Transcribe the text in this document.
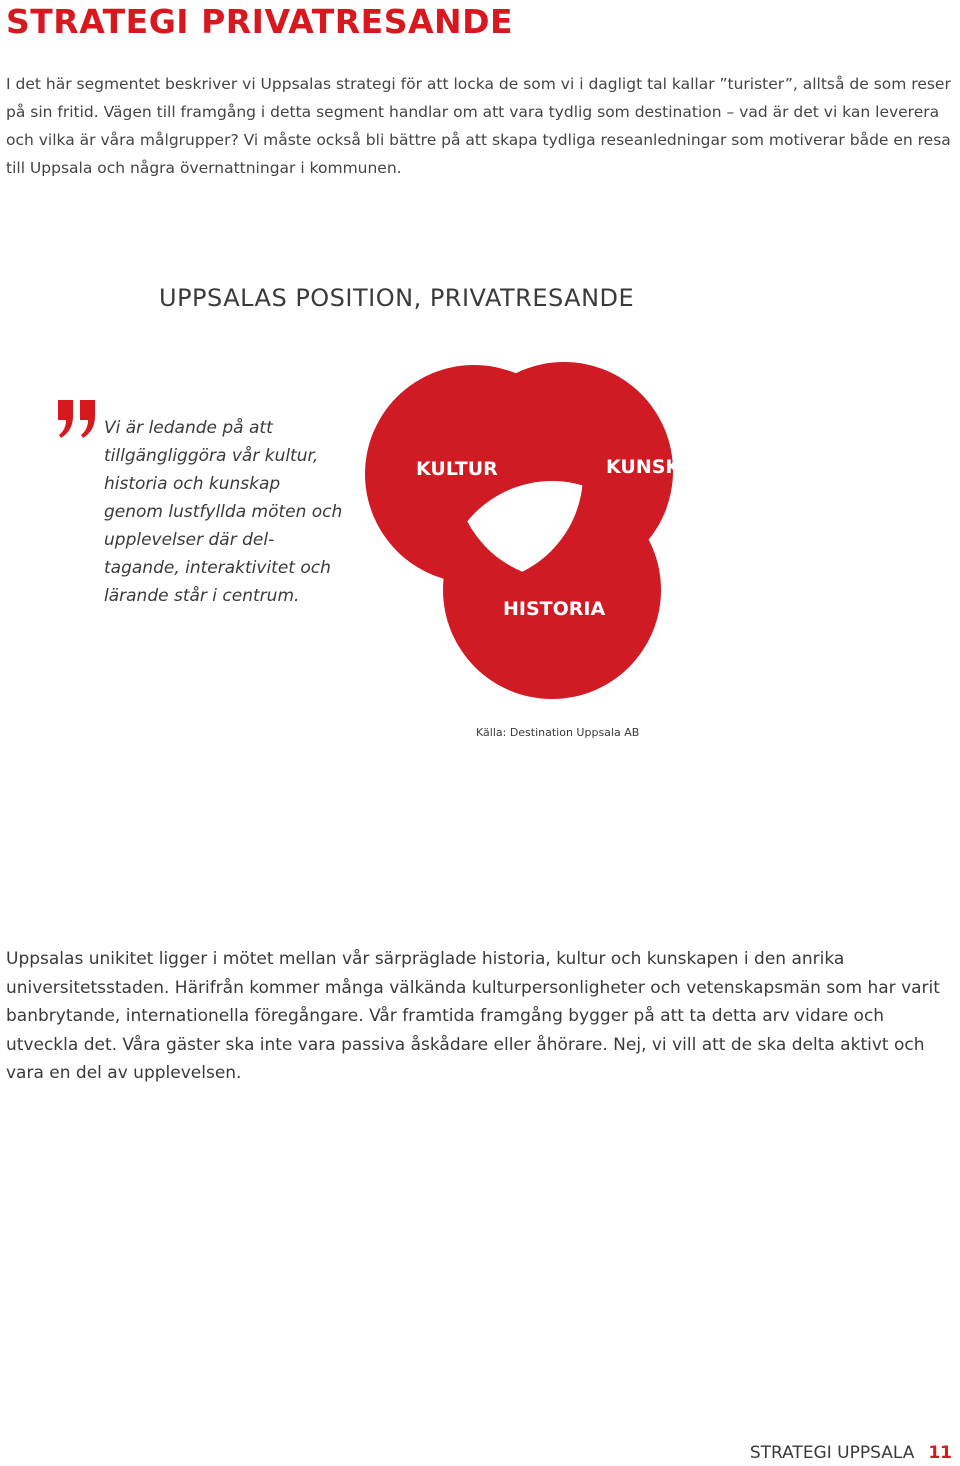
STRATEGI PRIVATRESANDE

I det här segmentet beskriver vi Uppsalas strategi för att locka de som vi i dagligt tal kallar ”turister”, alltså de som reser på sin fritid. Vägen till framgång i detta segment handlar om att vara tydlig som destination – vad är det vi kan leverera och vilka är våra målgrupper? Vi måste också bli bättre på att skapa tydliga reseanledningar som motiverar både en resa till Uppsala och några övernattningar i kommunen.

UPPSALAS POSITION, PRIVATRESANDE

Vi är ledande på att tillgängliggöra vår kultur, historia och kunskap genom lustfyllda möten och upplevelser där del-tagande, interaktivitet och lärande står i centrum.

KULTUR	KUNSKAP
HISTORIA

Källa: Destination Uppsala AB

Uppsalas unikitet ligger i mötet mellan vår särpräglade historia, kultur och kunskapen i den anrika universitetsstaden. Härifrån kommer många välkända kulturpersonligheter och vetenskapsmän som har varit banbrytande, internationella föregångare. Vår framtida framgång bygger på att ta detta arv vidare och utveckla det. Våra gäster ska inte vara passiva åskådare eller åhörare. Nej, vi vill att de ska delta aktivt och vara en del av upplevelsen.

STRATEGI UPPSALA 11
